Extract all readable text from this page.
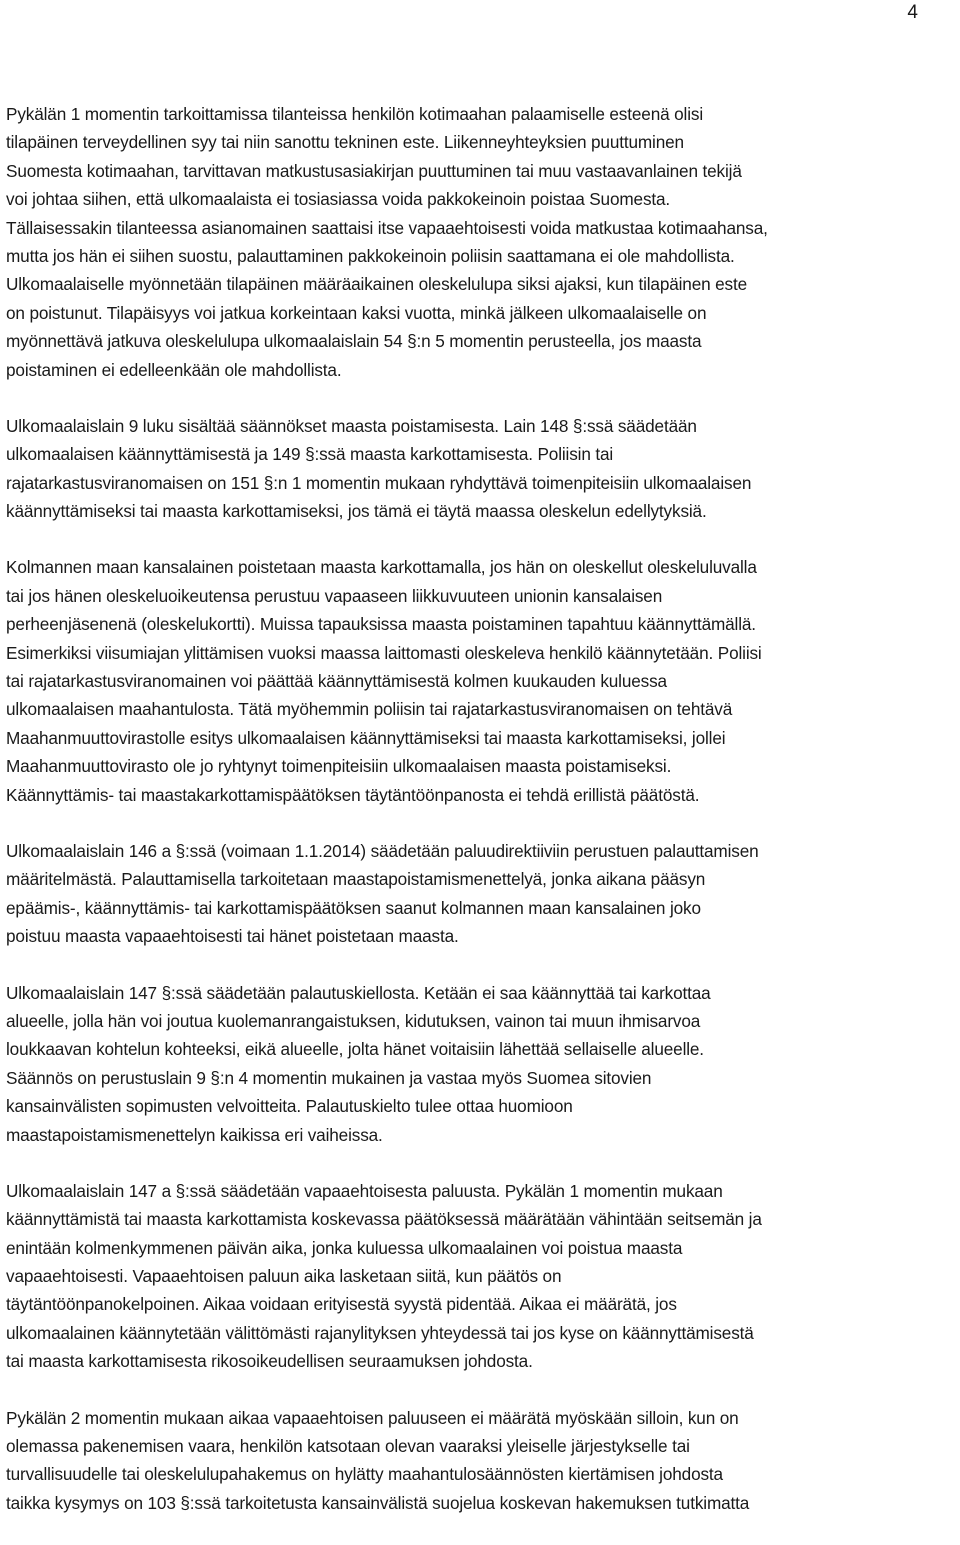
4
Pykälän 1 momentin tarkoittamissa tilanteissa henkilön kotimaahan palaamiselle esteenä olisi
tilapäinen terveydellinen syy tai niin sanottu tekninen este. Liikenneyhteyksien puuttuminen
Suomesta kotimaahan, tarvittavan matkustusasiakirjan puuttuminen tai muu vastaavanlainen tekijä
voi johtaa siihen, että ulkomaalaista ei tosiasiassa voida pakkokeinoin poistaa Suomesta.
Tällaisessakin tilanteessa asianomainen saattaisi itse vapaaehtoisesti voida matkustaa kotimaahansa,
mutta jos hän ei siihen suostu, palauttaminen pakkokeinoin poliisin saattamana ei ole mahdollista.
Ulkomaalaiselle myönnetään tilapäinen määräaikainen oleskelulupa siksi ajaksi, kun tilapäinen este
on poistunut. Tilapäisyys voi jatkua korkeintaan kaksi vuotta, minkä jälkeen ulkomaalaiselle on
myönnettävä jatkuva oleskelulupa ulkomaalaislain 54 §:n 5 momentin perusteella, jos maasta
poistaminen ei edelleenkään ole mahdollista.
Ulkomaalaislain 9 luku sisältää säännökset maasta poistamisesta. Lain 148 §:ssä säädetään
ulkomaalaisen käännyttämisestä ja 149 §:ssä maasta karkottamisesta. Poliisin tai
rajatarkastusviranomaisen on 151 §:n 1 momentin mukaan ryhdyttävä toimenpiteisiin ulkomaalaisen
käännyttämiseksi tai maasta karkottamiseksi, jos tämä ei täytä maassa oleskelun edellytyksiä.
Kolmannen maan kansalainen poistetaan maasta karkottamalla, jos hän on oleskellut oleskeluluvalla
tai jos hänen oleskeluoikeutensa perustuu vapaaseen liikkuvuuteen unionin kansalaisen
perheenjäsenenä (oleskelukortti). Muissa tapauksissa maasta poistaminen tapahtuu käännyttämällä.
Esimerkiksi viisumiajan ylittämisen vuoksi maassa laittomasti oleskeleva henkilö käännytetään. Poliisi
tai rajatarkastusviranomainen voi päättää käännyttämisestä kolmen kuukauden kuluessa
ulkomaalaisen maahantulosta. Tätä myöhemmin poliisin tai rajatarkastusviranomaisen on tehtävä
Maahanmuuttovirastolle esitys ulkomaalaisen käännyttämiseksi tai maasta karkottamiseksi, jollei
Maahanmuuttovirasto ole jo ryhtynyt toimenpiteisiin ulkomaalaisen maasta poistamiseksi.
Käännyttämis- tai maastakarkottamispäätöksen täytäntöönpanosta ei tehdä erillistä päätöstä.
Ulkomaalaislain 146 a §:ssä (voimaan 1.1.2014) säädetään paluudirektiiviin perustuen palauttamisen
määritelmästä. Palauttamisella tarkoitetaan maastapoistamismenettelyä, jonka aikana pääsyn
epäämis-, käännyttämis- tai karkottamispäätöksen saanut kolmannen maan kansalainen joko
poistuu maasta vapaaehtoisesti tai hänet poistetaan maasta.
Ulkomaalaislain 147 §:ssä säädetään palautuskiellosta. Ketään ei saa käännyttää tai karkottaa
alueelle, jolla hän voi joutua kuolemanrangaistuksen, kidutuksen, vainon tai muun ihmisarvoa
loukkaavan kohtelun kohteeksi, eikä alueelle, jolta hänet voitaisiin lähettää sellaiselle alueelle.
Säännös on perustuslain 9 §:n 4 momentin mukainen ja vastaa myös Suomea sitovien
kansainvälisten sopimusten velvoitteita. Palautuskielto tulee ottaa huomioon
maastapoistamismenettelyn kaikissa eri vaiheissa.
Ulkomaalaislain 147 a §:ssä säädetään vapaaehtoisesta paluusta. Pykälän 1 momentin mukaan
käännyttämistä tai maasta karkottamista koskevassa päätöksessä määrätään vähintään seitsemän ja
enintään kolmenkymmenen päivän aika, jonka kuluessa ulkomaalainen voi poistua maasta
vapaaehtoisesti. Vapaaehtoisen paluun aika lasketaan siitä, kun päätös on
täytäntöönpanokelpoinen. Aikaa voidaan erityisestä syystä pidentää. Aikaa ei määrätä, jos
ulkomaalainen käännytetään välittömästi rajanylityksen yhteydessä tai jos kyse on käännyttämisestä
tai maasta karkottamisesta rikosoikeudellisen seuraamuksen johdosta.
Pykälän 2 momentin mukaan aikaa vapaaehtoisen paluuseen ei määrätä myöskään silloin, kun on
olemassa pakenemisen vaara, henkilön katsotaan olevan vaaraksi yleiselle järjestykselle tai
turvallisuudelle tai oleskelulupahakemus on hylätty maahantulosäännösten kiertämisen johdosta
taikka kysymys on 103 §:ssä tarkoitetusta kansainvälistä suojelua koskevan hakemuksen tutkimatta
